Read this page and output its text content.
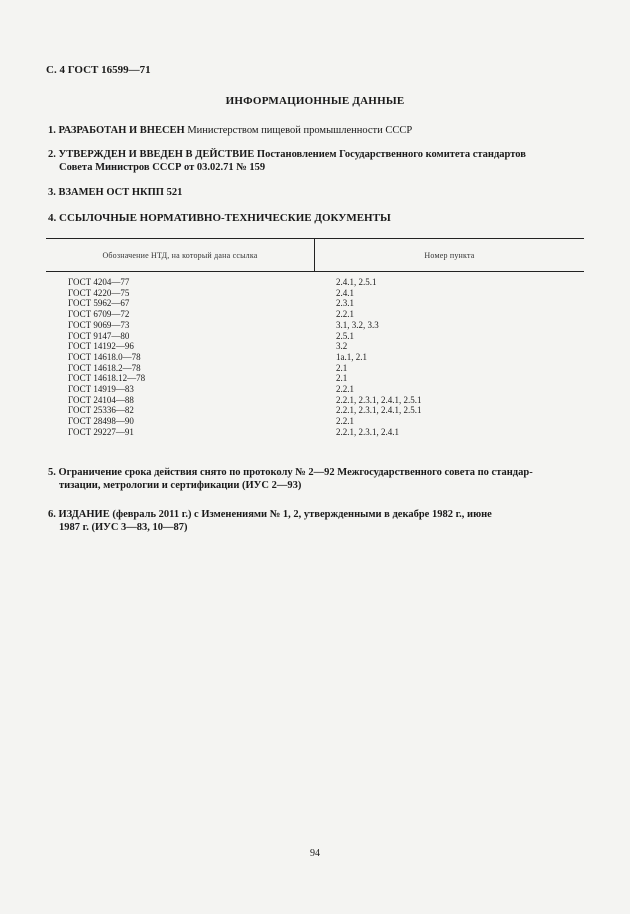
С. 4 ГОСТ 16599—71
ИНФОРМАЦИОННЫЕ ДАННЫЕ
1. РАЗРАБОТАН И ВНЕСЕН Министерством пищевой промышленности СССР
2. УТВЕРЖДЕН И ВВЕДЕН В ДЕЙСТВИЕ Постановлением Государственного комитета стандартов
Совета Министров СССР от 03.02.71 № 159
3. ВЗАМЕН ОСТ НКПП 521
4. ССЫЛОЧНЫЕ НОРМАТИВНО-ТЕХНИЧЕСКИЕ ДОКУМЕНТЫ
Обозначение НТД, на который дана ссылка	Номер пункта
ГОСТ 4204—77
ГОСТ 4220—75
ГОСТ 5962—67
ГОСТ 6709—72
ГОСТ 9069—73
ГОСТ 9147—80
ГОСТ 14192—96
ГОСТ 14618.0—78
ГОСТ 14618.2—78
ГОСТ 14618.12—78
ГОСТ 14919—83
ГОСТ 24104—88
ГОСТ 25336—82
ГОСТ 28498—90
ГОСТ 29227—91
2.4.1, 2.5.1
2.4.1
2.3.1
2.2.1
3.1, 3.2, 3.3
2.5.1
3.2
1a.1, 2.1
2.1
2.1
2.2.1
2.2.1, 2.3.1, 2.4.1, 2.5.1
2.2.1, 2.3.1, 2.4.1, 2.5.1
2.2.1
2.2.1, 2.3.1, 2.4.1
5. Ограничение срока действия снято по протоколу № 2—92 Межгосударственного совета по стандар-
тизации, метрологии и сертификации (ИУС 2—93)
6. ИЗДАНИЕ (февраль 2011 г.) с Изменениями № 1, 2, утвержденными в декабре 1982 г., июне
1987 г. (ИУС 3—83, 10—87)
94
